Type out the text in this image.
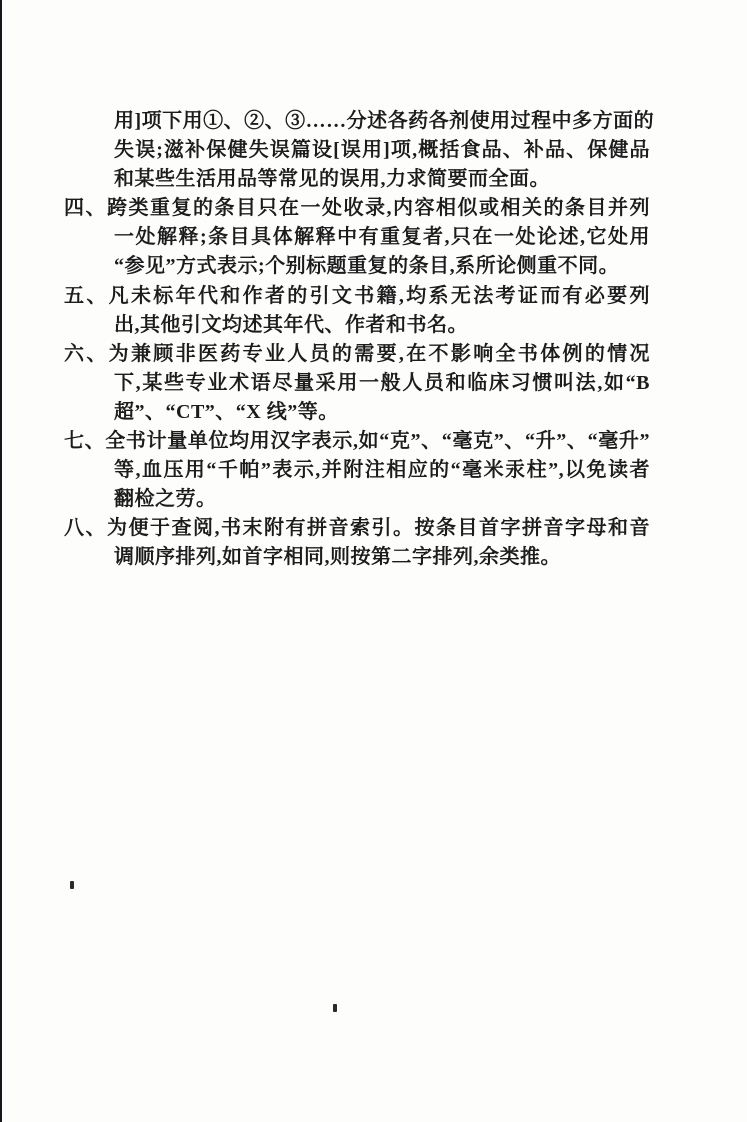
用]项下用①、②、③……分述各药各剂使用过程中多方面的
失误;滋补保健失误篇设[误用]项,概括食品、补品、保健品
和某些生活用品等常见的误用,力求简要而全面。
四、跨类重复的条目只在一处收录,内容相似或相关的条目并列
一处解释;条目具体解释中有重复者,只在一处论述,它处用
“参见”方式表示;个别标题重复的条目,系所论侧重不同。
五、凡未标年代和作者的引文书籍,均系无法考证而有必要列
出,其他引文均述其年代、作者和书名。
六、为兼顾非医药专业人员的需要,在不影响全书体例的情况
下,某些专业术语尽量采用一般人员和临床习惯叫法,如“B
超”、“CT”、“X 线”等。
七、全书计量单位均用汉字表示,如“克”、“毫克”、“升”、“毫升”
等,血压用“千帕”表示,并附注相应的“毫米汞柱”,以免读者
翻检之劳。
八、为便于查阅,书末附有拼音索引。按条目首字拼音字母和音
调顺序排列,如首字相同,则按第二字排列,余类推。
